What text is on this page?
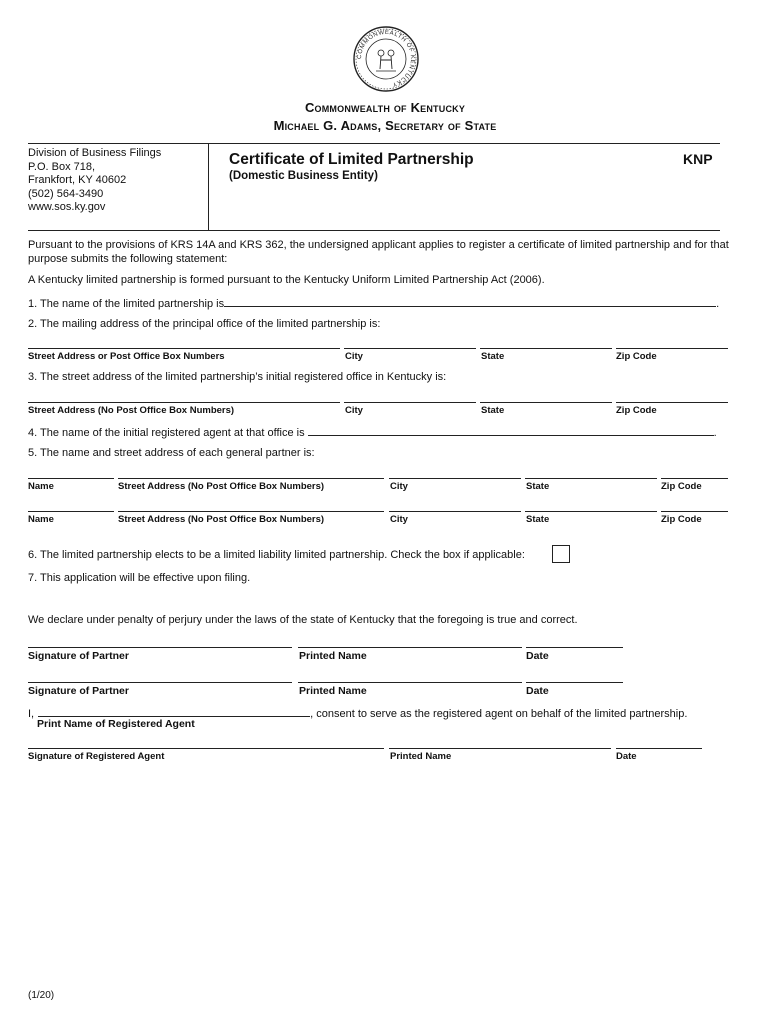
COMMONWEALTH OF KENTUCKY
Commonwealth of Kentucky
Michael G. Adams, Secretary of State
Division of Business Filings
P.O. Box 718,
Frankfort, KY 40602
(502) 564-3490
www.sos.ky.gov
Certificate of Limited Partnership
(Domestic Business Entity)
KNP
Pursuant to the provisions of KRS 14A and KRS 362, the undersigned applicant applies to register a certificate of limited partnership and for that purpose submits the following statement:
A Kentucky limited partnership is formed pursuant to the Kentucky Uniform Limited Partnership Act (2006).
1. The name of the limited partnership is	.
2. The mailing address of the principal office of the limited partnership is:
Street Address or Post Office Box Numbers	City	State	Zip Code
3. The street address of the limited partnership’s initial registered office in Kentucky is:
Street Address (No Post Office Box Numbers)	City	State	Zip Code
4. The name of the initial registered agent at that office is	.
5. The name and street address of each general partner is:
Name	Street Address (No Post Office Box Numbers)	City	State	Zip Code
Name	Street Address (No Post Office Box Numbers)	City	State	Zip Code
6. The limited partnership elects to be a limited liability limited partnership. Check the box if applicable:
7. This application will be effective upon filing.
We declare under penalty of perjury under the laws of the state of Kentucky that the foregoing is true and correct.
Signature of Partner	Printed Name	Date
Signature of Partner	Printed Name	Date
I,	, consent to serve as the registered agent on behalf of the limited partnership.
Print Name of Registered Agent
Signature of Registered Agent	Printed Name	Date
(1/20)
